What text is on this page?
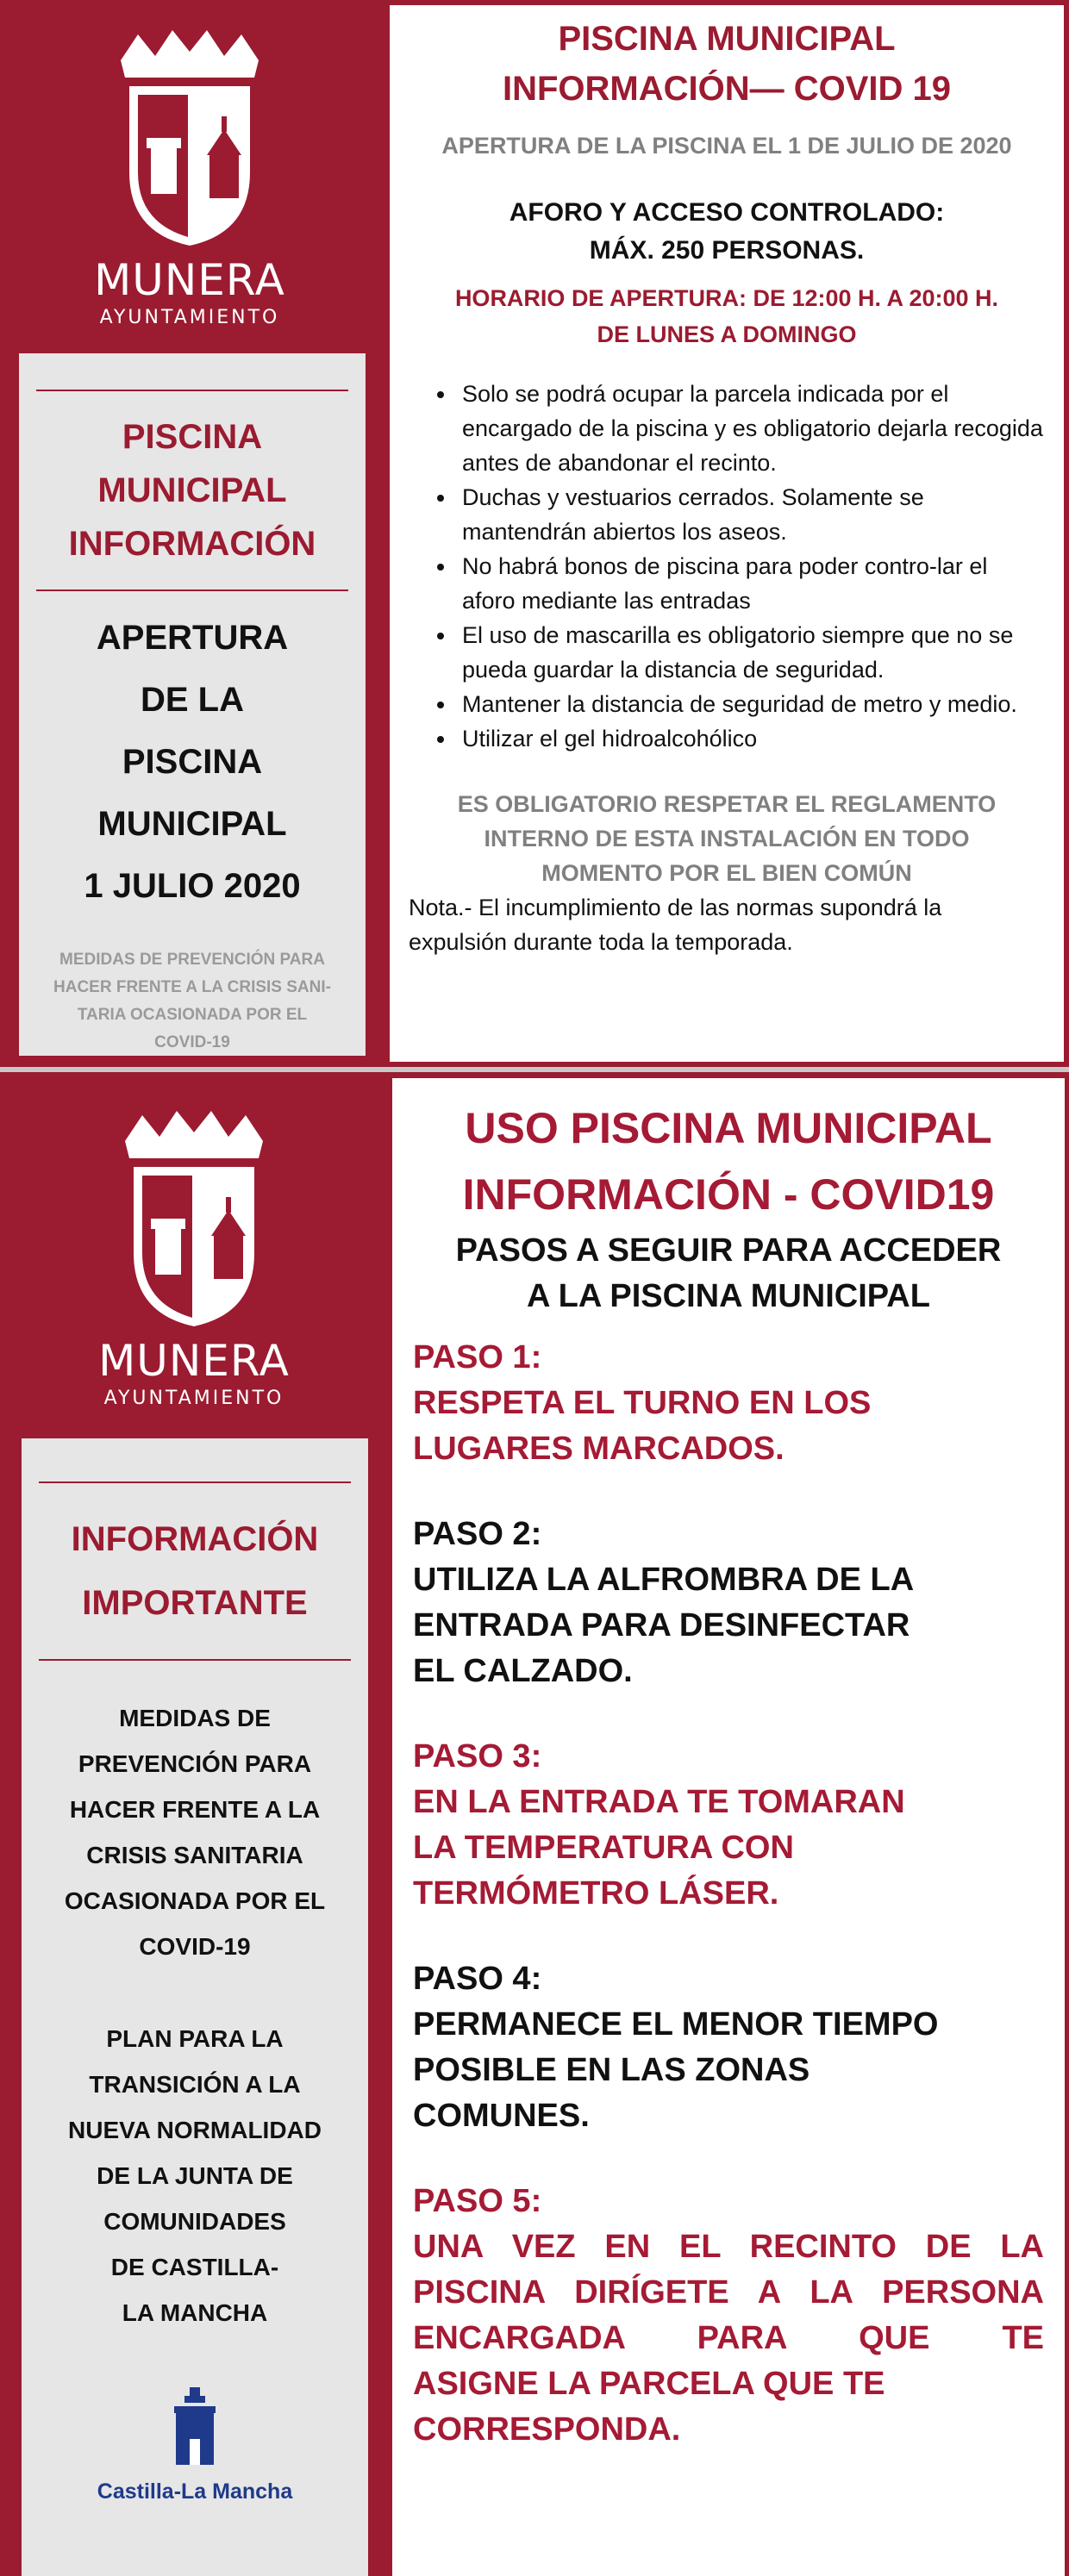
MUNERA
AYUNTAMIENTO
PISCINA
MUNICIPAL
INFORMACIÓN
APERTURA
DE LA
PISCINA
MUNICIPAL
1 JULIO 2020
MEDIDAS DE PREVENCIÓN PARA
HACER FRENTE A LA CRISIS SANI-
TARIA OCASIONADA POR EL
COVID-19
PISCINA MUNICIPAL
INFORMACIÓN— COVID 19
APERTURA DE LA PISCINA EL 1 DE JULIO DE 2020
AFORO Y ACCESO CONTROLADO:
MÁX. 250 PERSONAS.
HORARIO DE APERTURA: DE 12:00 H. A 20:00 H.
DE LUNES A DOMINGO
• Solo se podrá ocupar la parcela indicada por el encargado de la piscina y es obligatorio dejarla recogida antes de abandonar el recinto.
• Duchas y vestuarios cerrados. Solamente se mantendrán abiertos los aseos.
• No habrá bonos de piscina para poder contro-lar el aforo mediante las entradas
• El uso de mascarilla es obligatorio siempre que no se pueda guardar la distancia de seguridad.
• Mantener la distancia de seguridad de metro y medio.
• Utilizar el gel hidroalcohólico
ES OBLIGATORIO RESPETAR EL REGLAMENTO
INTERNO DE ESTA INSTALACIÓN EN TODO
MOMENTO POR EL BIEN COMÚN
Nota.- El incumplimiento de las normas supondrá la expulsión durante toda la temporada.
MUNERA
AYUNTAMIENTO
INFORMACIÓN
IMPORTANTE
MEDIDAS DE
PREVENCIÓN PARA
HACER FRENTE A LA
CRISIS SANITARIA
OCASIONADA POR EL
COVID-19
PLAN PARA LA
TRANSICIÓN A LA
NUEVA NORMALIDAD
DE LA JUNTA DE
COMUNIDADES
DE CASTILLA-
LA MANCHA
Castilla-La Mancha
USO PISCINA MUNICIPAL
INFORMACIÓN - COVID19
PASOS A SEGUIR PARA ACCEDER
A LA PISCINA MUNICIPAL
PASO 1:
RESPETA EL TURNO EN LOS
LUGARES MARCADOS.
PASO 2:
UTILIZA LA ALFROMBRA DE LA
ENTRADA PARA DESINFECTAR
EL CALZADO.
PASO 3:
EN LA ENTRADA TE TOMARAN
LA TEMPERATURA CON
TERMÓMETRO LÁSER.
PASO 4:
PERMANECE EL MENOR TIEMPO
POSIBLE EN LAS ZONAS
COMUNES.
PASO 5:
UNA VEZ EN EL RECINTO DE LA
PISCINA DIRÍGETE A LA PERSONA
ENCARGADA PARA QUE TE
ASIGNE LA PARCELA QUE TE
CORRESPONDA.
